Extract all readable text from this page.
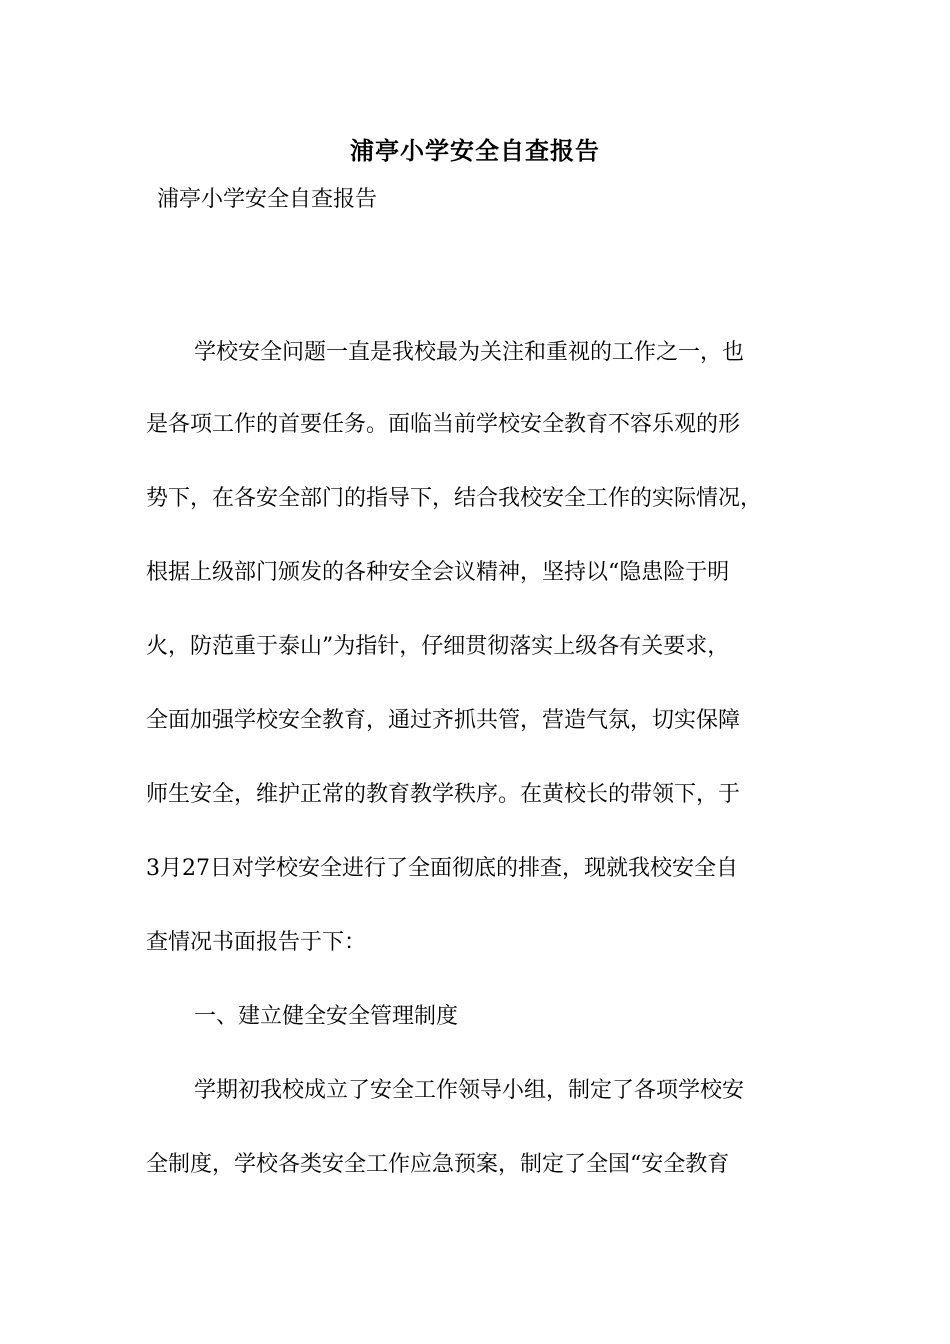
浦亭小学安全自查报告
浦亭小学安全自查报告
学校安全问题一直是我校最为关注和重视的工作之一，也
是各项工作的首要任务。面临当前学校安全教育不容乐观的形
势下，在各安全部门的指导下，结合我校安全工作的实际情况，
根据上级部门颁发的各种安全会议精神，坚持以“隐患险于明
火，防范重于泰山”为指针，仔细贯彻落实上级各有关要求，
全面加强学校安全教育，通过齐抓共管，营造气氛，切实保障
师生安全，维护正常的教育教学秩序。在黄校长的带领下，于
3月27日对学校安全进行了全面彻底的排查，现就我校安全自
查情况书面报告于下：
一、建立健全安全管理制度
学期初我校成立了安全工作领导小组，制定了各项学校安
全制度，学校各类安全工作应急预案，制定了全国“安全教育
